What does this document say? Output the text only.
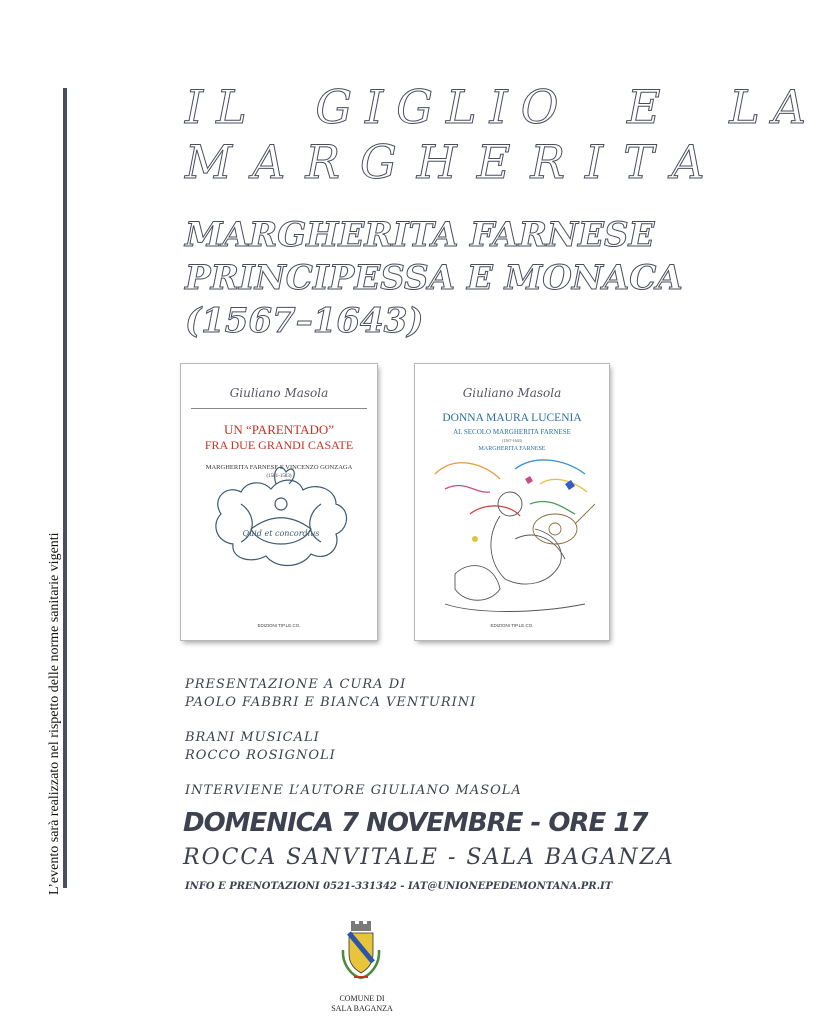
L’evento sarà realizzato nel rispetto delle norme sanitarie vigenti
IL GIGLIO E LA
MARGHERITA
MARGHERITA FARNESE
PRINCIPESSA E MONACA
(1567–1643)
Giuliano Masola
UN “PARENTADO”
FRA DUE GRANDI CASATE
MARGHERITA FARNESE E VINCENZO GONZAGA
(1581-1583)
Quid et concordius
EDIZIONI TIP.LE.CO.
Giuliano Masola
DONNA MAURA LUCENIA
AL SECOLO MARGHERITA FARNESE
(1567-1643)
MARGHERITA FARNESE
EDIZIONI TIP.LE.CO.

PRESENTAZIONE A CURA DI

PAOLO FABBRI E BIANCA VENTURINI

BRANI MUSICALI

ROCCO ROSIGNOLI

INTERVIENE L’AUTORE GIULIANO MASOLA

DOMENICA 7 NOVEMBRE - ORE 17
ROCCA SANVITALE - SALA BAGANZA
INFO E PRENOTAZIONI 0521-331342 - IAT@UNIONEPEDEMONTANA.PR.IT
COMUNE DI
SALA BAGANZA
